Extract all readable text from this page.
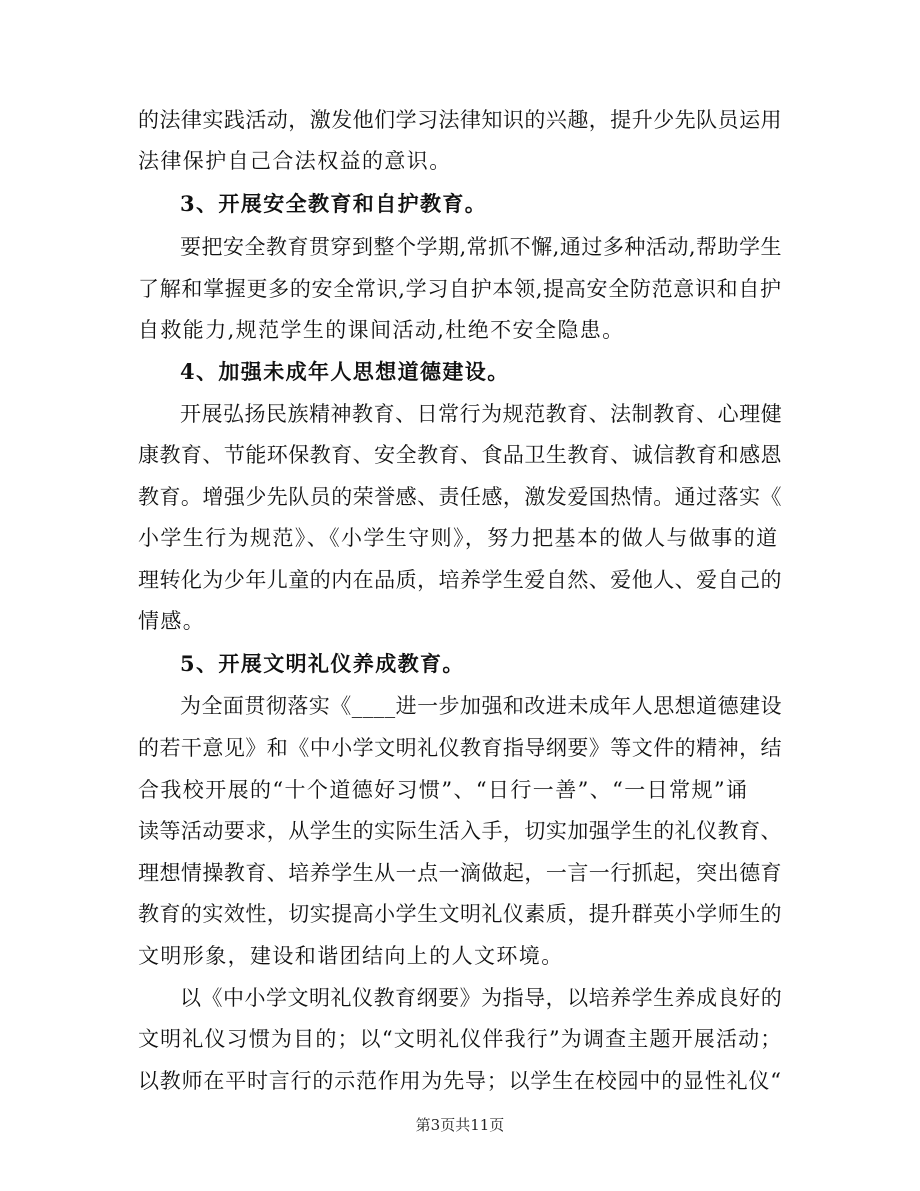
的法律实践活动，激发他们学习法律知识的兴趣，提升少先队员运用
法律保护自己合法权益的意识。
3、开展安全教育和自护教育。
要把安全教育贯穿到整个学期,常抓不懈,通过多种活动,帮助学生
了解和掌握更多的安全常识,学习自护本领,提高安全防范意识和自护
自救能力,规范学生的课间活动,杜绝不安全隐患。
4、加强未成年人思想道德建设。
开展弘扬民族精神教育、日常行为规范教育、法制教育、心理健
康教育、节能环保教育、安全教育、食品卫生教育、诚信教育和感恩
教育。增强少先队员的荣誉感、责任感，激发爱国热情。通过落实《
小学生行为规范》、《小学生守则》，努力把基本的做人与做事的道
理转化为少年儿童的内在品质，培养学生爱自然、爱他人、爱自己的
情感。
5、开展文明礼仪养成教育。
为全面贯彻落实《____进一步加强和改进未成年人思想道德建设
的若干意见》和《中小学文明礼仪教育指导纲要》等文件的精神，结
合我校开展的“十个道德好习惯”、“日行一善”、“一日常规”诵
读等活动要求，从学生的实际生活入手，切实加强学生的礼仪教育、
理想情操教育、培养学生从一点一滴做起，一言一行抓起，突出德育
教育的实效性，切实提高小学生文明礼仪素质，提升群英小学师生的
文明形象，建设和谐团结向上的人文环境。
以《中小学文明礼仪教育纲要》为指导，以培养学生养成良好的
文明礼仪习惯为目的；以“文明礼仪伴我行”为调查主题开展活动；
以教师在平时言行的示范作用为先导；以学生在校园中的显性礼仪“
第3页共11页
